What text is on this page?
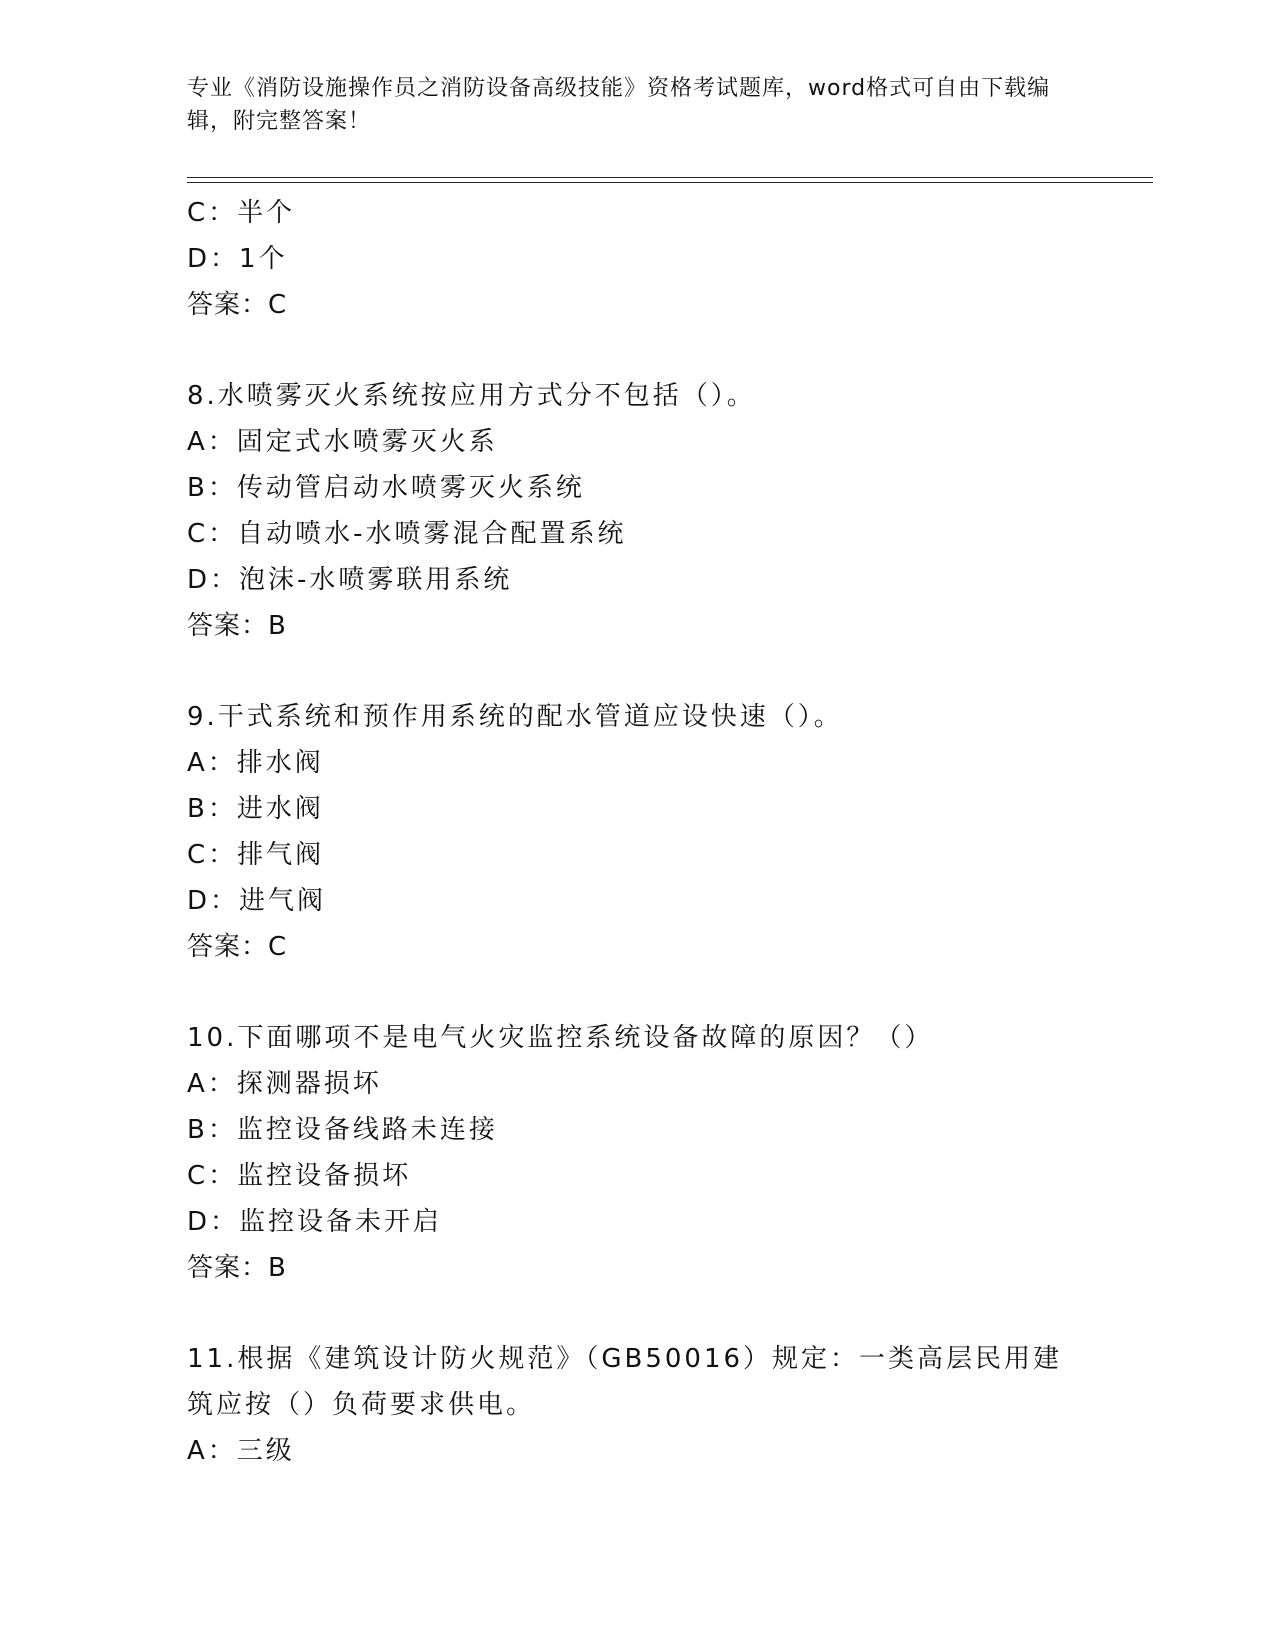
专业《消防设施操作员之消防设备高级技能》资格考试题库，word格式可自由下载编辑，附完整答案！
C：半个
D：1个
答案：C
8.水喷雾灭火系统按应用方式分不包括（）。
A：固定式水喷雾灭火系
B：传动管启动水喷雾灭火系统
C：自动喷水-水喷雾混合配置系统
D：泡沫-水喷雾联用系统
答案：B
9.干式系统和预作用系统的配水管道应设快速（）。
A：排水阀
B：进水阀
C：排气阀
D：进气阀
答案：C
10.下面哪项不是电气火灾监控系统设备故障的原因？（）
A：探测器损坏
B：监控设备线路未连接
C：监控设备损坏
D：监控设备未开启
答案：B
11.根据《建筑设计防火规范》（GB50016）规定：一类高层民用建筑应按（）负荷要求供电。
A：三级
